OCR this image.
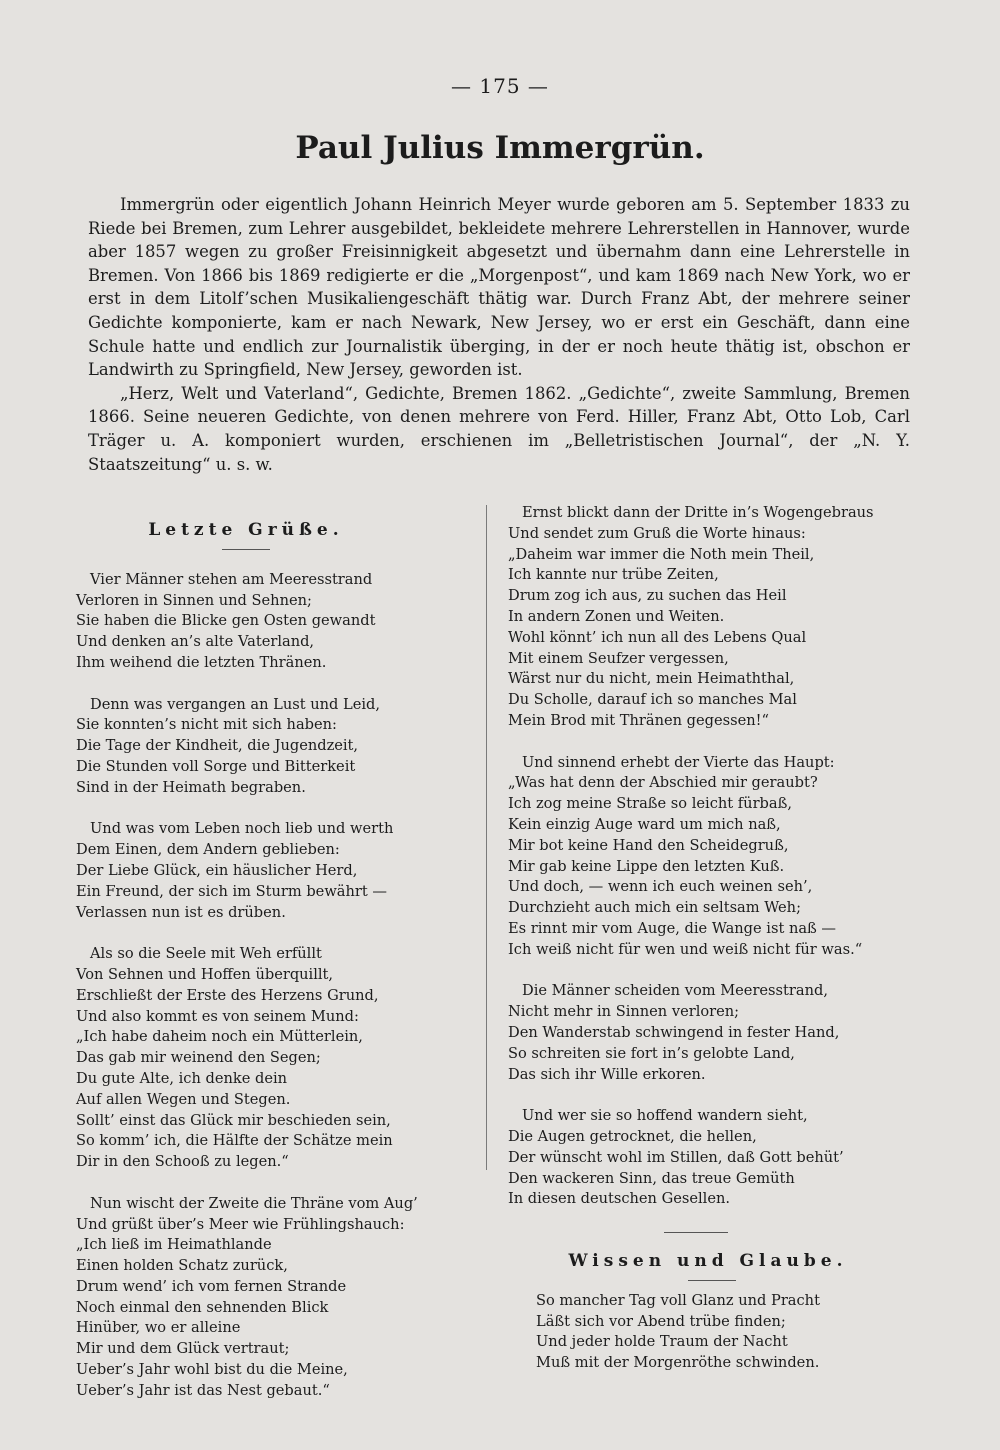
— 175 —
Paul Julius Immergrün.

Immergrün oder eigentlich Johann Heinrich Meyer wurde geboren am 5. September 1833 zu Riede bei Bremen, zum Lehrer ausgebildet, bekleidete mehrere Lehrerstellen in Hannover, wurde aber 1857 wegen zu großer Freisinnigkeit abgesetzt und übernahm dann eine Lehrerstelle in Bremen. Von 1866 bis 1869 redigierte er die „Morgenpost“, und kam 1869 nach New York, wo er erst in dem Litolf’schen Musikaliengeschäft thätig war. Durch Franz Abt, der mehrere seiner Gedichte komponierte, kam er nach Newark, New Jersey, wo er erst ein Geschäft, dann eine Schule hatte und endlich zur Journalistik überging, in der er noch heute thätig ist, obschon er Landwirth zu Springfield, New Jersey, geworden ist.

„Herz, Welt und Vaterland“, Gedichte, Bremen 1862. „Gedichte“, zweite Sammlung, Bremen 1866. Seine neueren Gedichte, von denen mehrere von Ferd. Hiller, Franz Abt, Otto Lob, Carl Träger u. A. komponiert wurden, erschienen im „Belletristischen Journal“, der „N. Y. Staatszeitung“ u. s. w.

Letzte Grüße.

Vier Männer stehen am Meeresstrand
Verloren in Sinnen und Sehnen;
Sie haben die Blicke gen Osten gewandt
Und denken an’s alte Vaterland,
Ihm weihend die letzten Thränen.
Denn was vergangen an Lust und Leid,
Sie konnten’s nicht mit sich haben:
Die Tage der Kindheit, die Jugendzeit,
Die Stunden voll Sorge und Bitterkeit
Sind in der Heimath begraben.
Und was vom Leben noch lieb und werth
Dem Einen, dem Andern geblieben:
Der Liebe Glück, ein häuslicher Herd,
Ein Freund, der sich im Sturm bewährt —
Verlassen nun ist es drüben.
Als so die Seele mit Weh erfüllt
Von Sehnen und Hoffen überquillt,
Erschließt der Erste des Herzens Grund,
Und also kommt es von seinem Mund:
„Ich habe daheim noch ein Mütterlein,
Das gab mir weinend den Segen;
Du gute Alte, ich denke dein
Auf allen Wegen und Stegen.
Sollt’ einst das Glück mir beschieden sein,
So komm’ ich, die Hälfte der Schätze mein
Dir in den Schooß zu legen.“
Nun wischt der Zweite die Thräne vom Aug’
Und grüßt über’s Meer wie Frühlingshauch:
„Ich ließ im Heimathlande
Einen holden Schatz zurück,
Drum wend’ ich vom fernen Strande
Noch einmal den sehnenden Blick
Hinüber, wo er alleine
Mir und dem Glück vertraut;
Ueber’s Jahr wohl bist du die Meine,
Ueber’s Jahr ist das Nest gebaut.“
Ernst blickt dann der Dritte in’s Wogengebraus
Und sendet zum Gruß die Worte hinaus:
„Daheim war immer die Noth mein Theil,
Ich kannte nur trübe Zeiten,
Drum zog ich aus, zu suchen das Heil
In andern Zonen und Weiten.
Wohl könnt’ ich nun all des Lebens Qual
Mit einem Seufzer vergessen,
Wärst nur du nicht, mein Heimaththal,
Du Scholle, darauf ich so manches Mal
Mein Brod mit Thränen gegessen!“
Und sinnend erhebt der Vierte das Haupt:
„Was hat denn der Abschied mir geraubt?
Ich zog meine Straße so leicht fürbaß,
Kein einzig Auge ward um mich naß,
Mir bot keine Hand den Scheidegruß,
Mir gab keine Lippe den letzten Kuß.
Und doch, — wenn ich euch weinen seh’,
Durchzieht auch mich ein seltsam Weh;
Es rinnt mir vom Auge, die Wange ist naß —
Ich weiß nicht für wen und weiß nicht für was.“
Die Männer scheiden vom Meeresstrand,
Nicht mehr in Sinnen verloren;
Den Wanderstab schwingend in fester Hand,
So schreiten sie fort in’s gelobte Land,
Das sich ihr Wille erkoren.
Und wer sie so hoffend wandern sieht,
Die Augen getrocknet, die hellen,
Der wünscht wohl im Stillen, daß Gott behüt’
Den wackeren Sinn, das treue Gemüth
In diesen deutschen Gesellen.

Wissen und Glaube.

So mancher Tag voll Glanz und Pracht
Läßt sich vor Abend trübe finden;
Und jeder holde Traum der Nacht
Muß mit der Morgenröthe schwinden.
